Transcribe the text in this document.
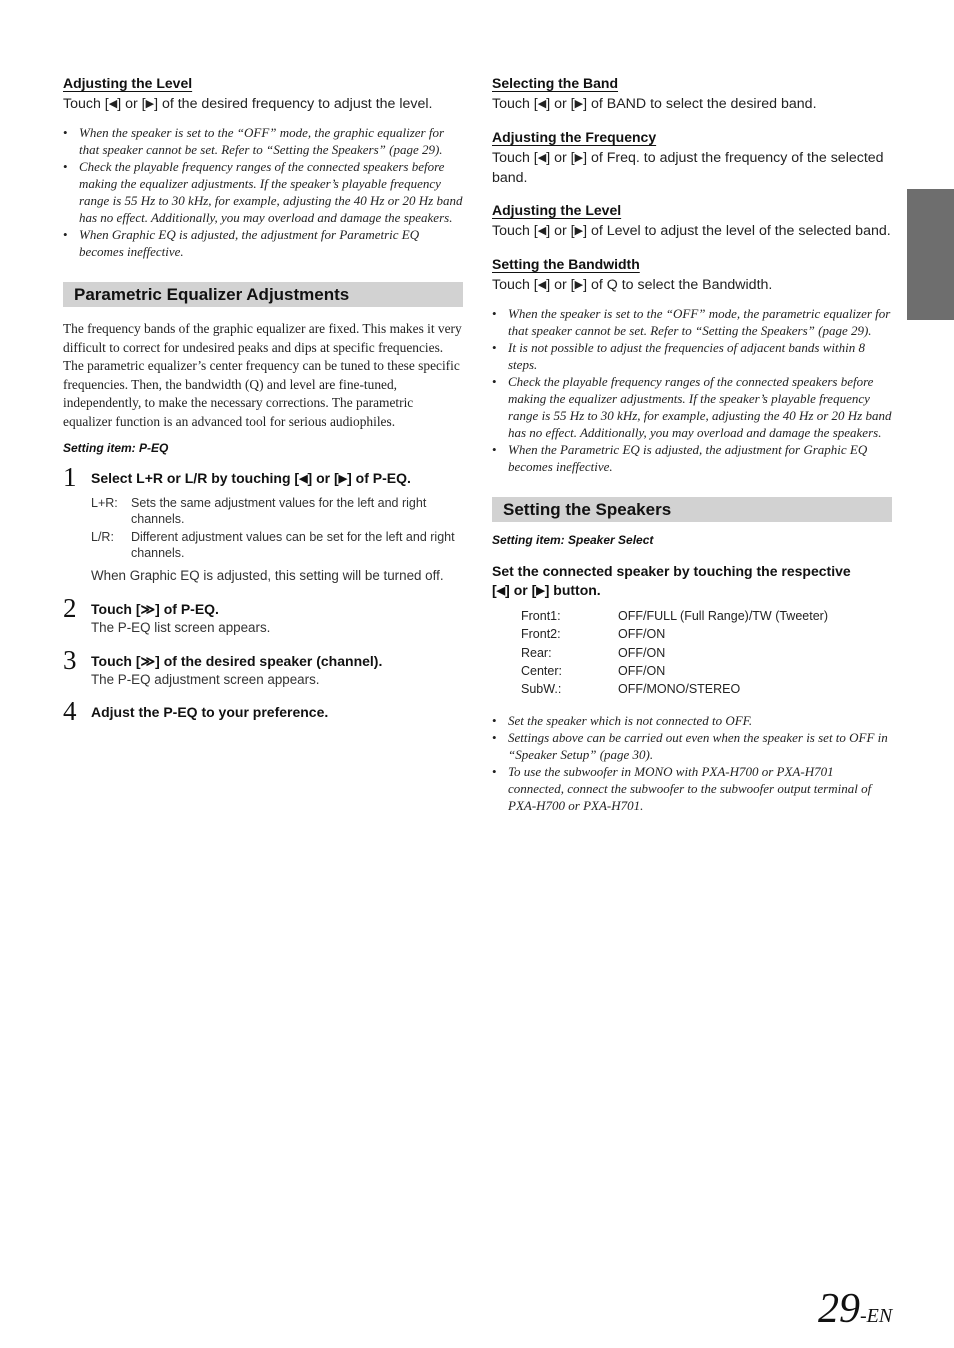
Adjusting the Level

Touch [◀] or [▶] of the desired frequency to adjust the level.

• When the speaker is set to the “OFF” mode, the graphic equalizer for that speaker cannot be set. Refer to “Setting the Speakers” (page 29).
• Check the playable frequency ranges of the connected speakers before making the equalizer adjustments. If the speaker’s playable frequency range is 55 Hz to 30 kHz, for example, adjusting the 40 Hz or 20 Hz band has no effect. Additionally, you may overload and damage the speakers.
• When Graphic EQ is adjusted, the adjustment for Parametric EQ becomes ineffective.
Parametric Equalizer Adjustments

The frequency bands of the graphic equalizer are fixed. This makes it very difficult to correct for undesired peaks and dips at specific frequencies. The parametric equalizer’s center frequency can be tuned to these specific frequencies. Then, the bandwidth (Q) and level are fine-tuned, independently, to make the necessary corrections. The parametric equalizer function is an advanced tool for serious audiophiles.

Setting item: P-EQ

1 Select L+R or L/R by touching [◀] or [▶] of P-EQ.

L+R:	Sets the same adjustment values for the left and right channels.
L/R:	Different adjustment values can be set for the left and right channels.

When Graphic EQ is adjusted, this setting will be turned off.

2 Touch [≫] of P-EQ.

The P-EQ list screen appears.

3 Touch [≫] of the desired speaker (channel).

The P-EQ adjustment screen appears.

4 Adjust the P-EQ to your preference.

Selecting the Band

Touch [◀] or [▶] of BAND to select the desired band.

Adjusting the Frequency

Touch [◀] or [▶] of Freq. to adjust the frequency of the selected band.

Adjusting the Level

Touch [◀] or [▶] of Level to adjust the level of the selected band.

Setting the Bandwidth

Touch [◀] or [▶] of Q to select the Bandwidth.

• When the speaker is set to the “OFF” mode, the parametric equalizer for that speaker cannot be set. Refer to “Setting the Speakers” (page 29).
• It is not possible to adjust the frequencies of adjacent bands within 8 steps.
• Check the playable frequency ranges of the connected speakers before making the equalizer adjustments. If the speaker’s playable frequency range is 55 Hz to 30 kHz, for example, adjusting the 40 Hz or 20 Hz band has no effect. Additionally, you may overload and damage the speakers.
• When the Parametric EQ is adjusted, the adjustment for Graphic EQ becomes ineffective.
Setting the Speakers

Setting item: Speaker Select

Set the connected speaker by touching the respective
[◀] or [▶] button.

Front1:	OFF/FULL (Full Range)/TW (Tweeter)
Front2:	OFF/ON
Rear:	OFF/ON
Center:	OFF/ON
SubW.:	OFF/MONO/STEREO
• Set the speaker which is not connected to OFF.
• Settings above can be carried out even when the speaker is set to OFF in “Speaker Setup” (page 30).
• To use the subwoofer in MONO with PXA-H700 or PXA-H701 connected, connect the subwoofer to the subwoofer output terminal of PXA-H700 or PXA-H701.
29-EN
